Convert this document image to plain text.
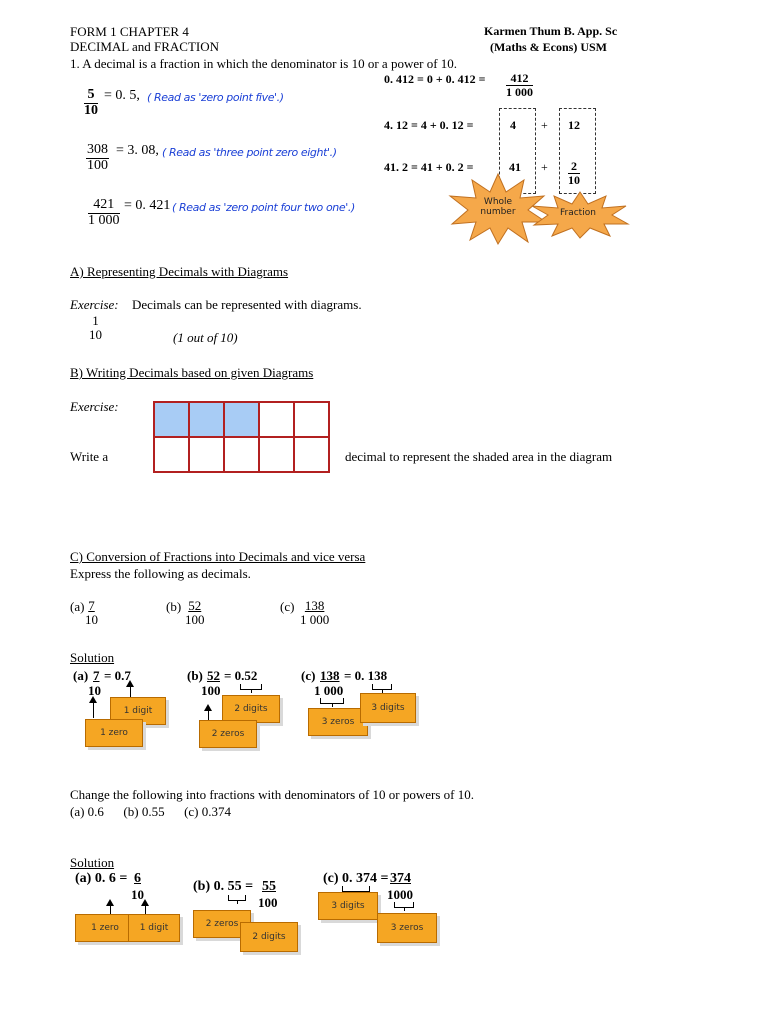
FORM 1 CHAPTER 4
DECIMAL and FRACTION
Karmen Thum B. App. Sc
(Maths & Econs) USM
1. A decimal is a fraction in which the denominator is 10 or a power of 10.
$\frac{5}{10} = 0$. 5, ( Read as 'zero point five'.)
$\frac{308}{100} = 3$. 08, ( Read as 'three point zero eight'.)
$\frac{421}{1 000} = 0$. 421 ( Read as 'zero point four two one'.)
0. 412 = 0 + 0. $412 = \frac{412}{1 000}$
4. 12 = 4 + 0. 12 =	4 + 12
41. 2 = 41 + 0. 2 =	$41 + \frac{2}{10}$
Whole number	Fraction
A) Representing Decimals with Diagrams
Exercise: Decimals can be represented with diagrams.
1
10	(1 out of 10)
B) Writing Decimals based on given Diagrams
Exercise:

Write a	decimal to represent the shaded area in the diagram
C) Conversion of Fractions into Decimals and vice versa
Express the following as decimals.
$(a) \frac{7}{10}$	$(b) \frac{52}{100}$	$(c) \frac{138}{1 000}$
Solution
(a) 7 = 0.7
10
1 digit
1 zero
(b) 52 = 0.52
100
2 digits
2 zeros
(c) 138 = 0. 138
1 000
3 zeros
3 digits
Change the following into fractions with denominators of 10 or powers of 10.
(a) 0.6      (b) 0.55      (c) 0.374
Solution
(a) 0. 6 = 6
10
1 zero	1 digit
(b) 0. 55 = 55
100
2 zeros
2 digits
(c) 0. 374 = 374
1000
3 digits
3 zeros
